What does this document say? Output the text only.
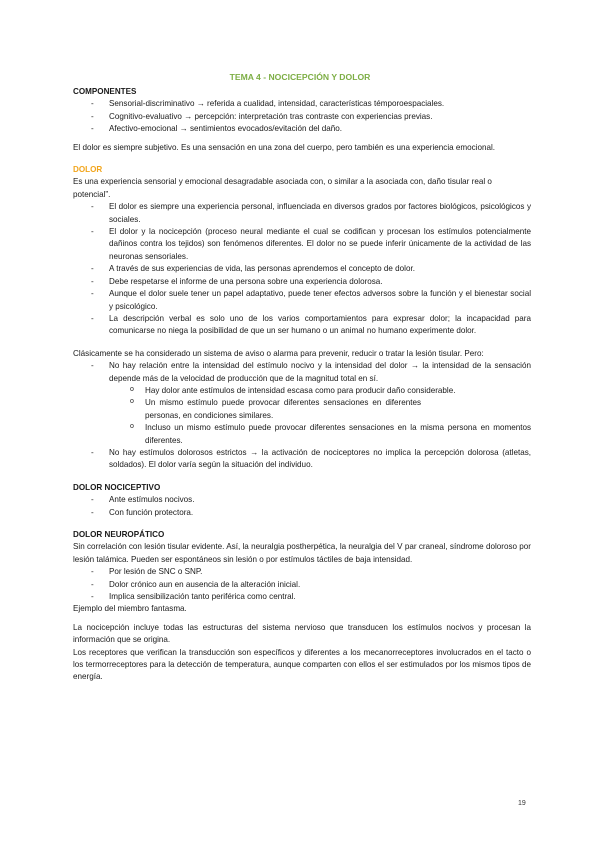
TEMA 4 - NOCICEPCIÓN Y DOLOR

COMPONENTES

- Sensorial-discriminativo → referida a cualidad, intensidad, características témporoespaciales.
- Cognitivo-evaluativo → percepción: interpretación tras contraste con experiencias previas.
- Afectivo-emocional → sentimientos evocados/evitación del daño.

El dolor es siempre subjetivo. Es una sensación en una zona del cuerpo, pero también es una experiencia emocional.

DOLOR

Es una experiencia sensorial y emocional desagradable asociada con, o similar a la asociada con, daño tisular real o potencial”.

- El dolor es siempre una experiencia personal, influenciada en diversos grados por factores biológicos, psicológicos y sociales.
- El dolor y la nocicepción (proceso neural mediante el cual se codifican y procesan los estímulos potencialmente dañinos contra los tejidos) son fenómenos diferentes. El dolor no se puede inferir únicamente de la actividad de las neuronas sensoriales.
- A través de sus experiencias de vida, las personas aprendemos el concepto de dolor.
- Debe respetarse el informe de una persona sobre una experiencia dolorosa.
- Aunque el dolor suele tener un papel adaptativo, puede tener efectos adversos sobre la función y el bienestar social y psicológico.
- La descripción verbal es solo uno de los varios comportamientos para expresar dolor; la incapacidad para comunicarse no niega la posibilidad de que un ser humano o un animal no humano experimente dolor.

Clásicamente se ha considerado un sistema de aviso o alarma para prevenir, reducir o tratar la lesión tisular. Pero:

- No hay relación entre la intensidad del estímulo nocivo y la intensidad del dolor → la intensidad de la sensación depende más de la velocidad de producción que de la magnitud total en sí.
o Hay dolor ante estímulos de intensidad escasa como para producir daño considerable.
o Un mismo estímulo puede provocar diferentes sensaciones en diferentes personas, en condiciones similares.
o Incluso un mismo estímulo puede provocar diferentes sensaciones en la misma persona en momentos diferentes.
- No hay estímulos dolorosos estrictos → la activación de nociceptores no implica la percepción dolorosa (atletas, soldados). El dolor varía según la situación del individuo.

DOLOR NOCICEPTIVO

- Ante estímulos nocivos.
- Con función protectora.

DOLOR NEUROPÁTICO

Sin correlación con lesión tisular evidente. Así, la neuralgia postherpética, la neuralgia del V par craneal, síndrome doloroso por lesión talámica. Pueden ser espontáneos sin lesión o por estímulos táctiles de baja intensidad.

- Por lesión de SNC o SNP.
- Dolor crónico aun en ausencia de la alteración inicial.
- Implica sensibilización tanto periférica como central.

Ejemplo del miembro fantasma.

La nocicepción incluye todas las estructuras del sistema nervioso que transducen los estímulos nocivos y procesan la información que se origina.

Los receptores que verifican la transducción son específicos y diferentes a los mecanorreceptores involucrados en el tacto o los termorreceptores para la detección de temperatura, aunque comparten con ellos el ser estimulados por los mismos tipos de energía.

19
